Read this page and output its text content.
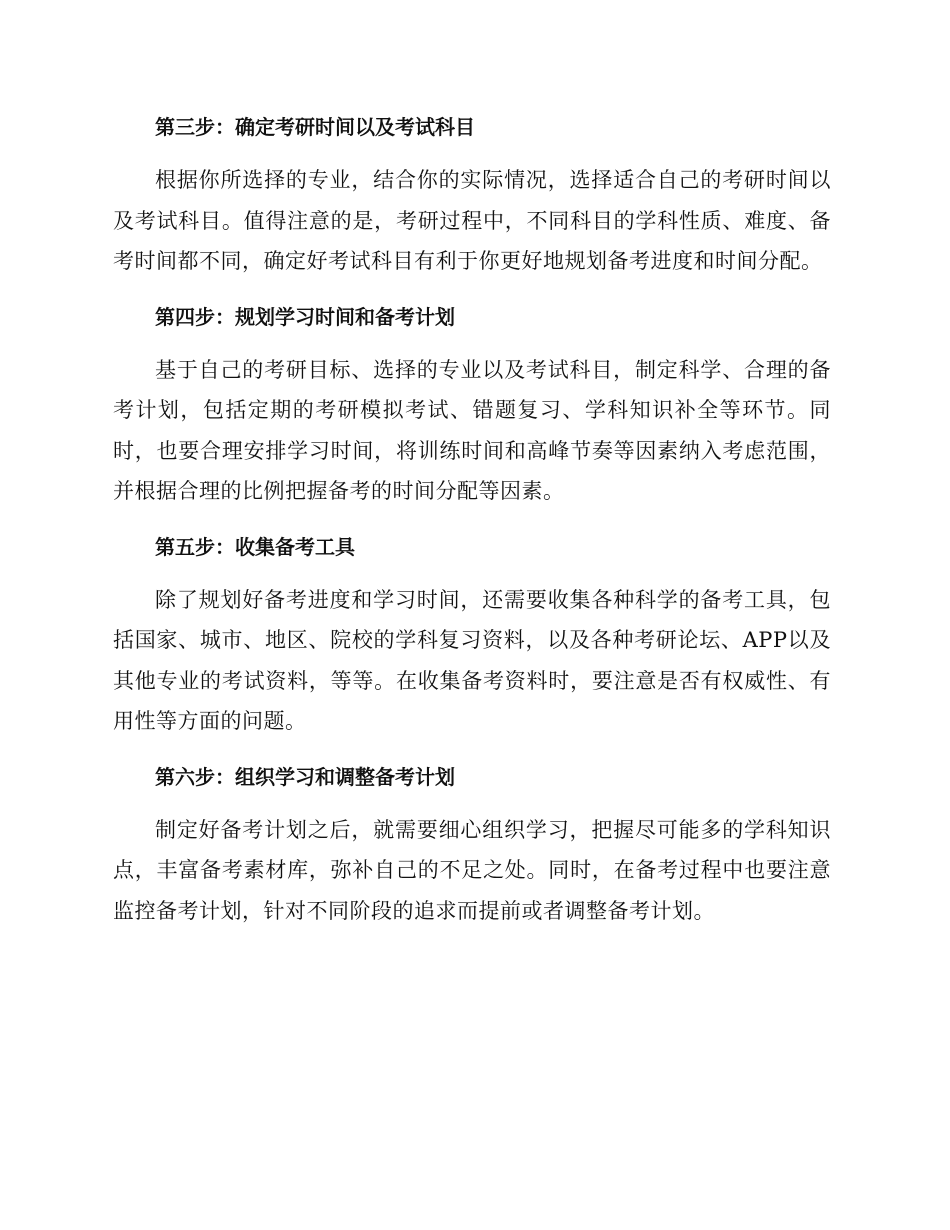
第三步：确定考研时间以及考试科目

根据你所选择的专业，结合你的实际情况，选择适合自己的考研时间以及考试科目。值得注意的是，考研过程中，不同科目的学科性质、难度、备考时间都不同，确定好考试科目有利于你更好地规划备考进度和时间分配。

第四步：规划学习时间和备考计划

基于自己的考研目标、选择的专业以及考试科目，制定科学、合理的备考计划，包括定期的考研模拟考试、错题复习、学科知识补全等环节。同时，也要合理安排学习时间，将训练时间和高峰节奏等因素纳入考虑范围，并根据合理的比例把握备考的时间分配等因素。

第五步：收集备考工具

除了规划好备考进度和学习时间，还需要收集各种科学的备考工具，包括国家、城市、地区、院校的学科复习资料，以及各种考研论坛、APP以及其他专业的考试资料，等等。在收集备考资料时，要注意是否有权威性、有用性等方面的问题。

第六步：组织学习和调整备考计划

制定好备考计划之后，就需要细心组织学习，把握尽可能多的学科知识点，丰富备考素材库，弥补自己的不足之处。同时，在备考过程中也要注意监控备考计划，针对不同阶段的追求而提前或者调整备考计划。
